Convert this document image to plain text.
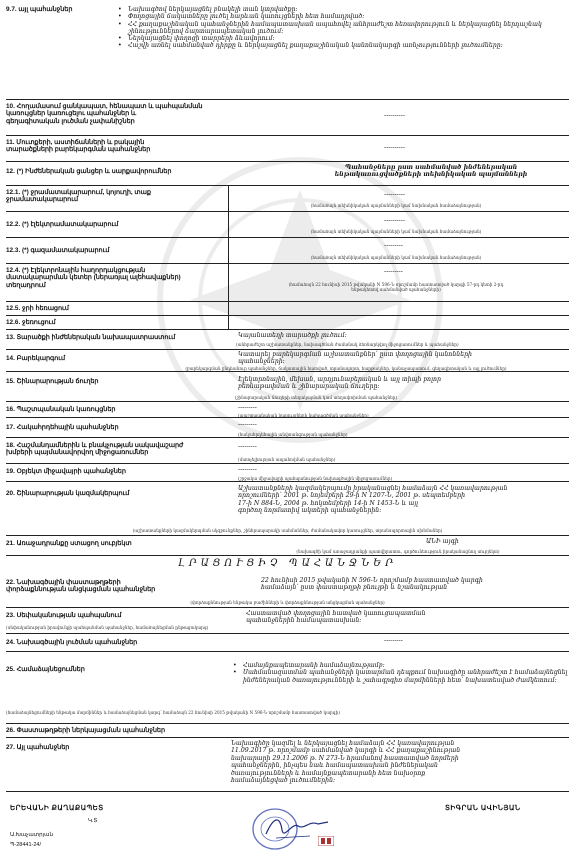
9.7. այլ պահանջներ
•	Նախագծով ներկայացնել բնակելի տան կտրվածքը:
• Փողոցային ճակատները լուծել հարևան կառույցների հետ համադրված:
• ՀՀ քաղաքաշինական պահանջներին համապատասխան ապահովել անհրաժեշտ հեռավորություն և ներկայացնել ներդաշնակ շինություններով ճարտարապետական լուծում:
• Ներկայացնել փողոցի տարրերի ձևավորում:
• Հաշվի առնել սահմանված դիրքը և ներկայացնել քաղաքաշինական կանոնակարգի առնչությունների լուծումները:
10. Հողամասում ցանկապատ, հենապատ և պահպանման
կառույցներ կառուցելու պահանջներ և
գեղագիտական լուծման չափանիշներ
----------
11. Մուտքերի, աստիճանների և բակային
տարածքների բարեկարգման պահանջներ	----------
12. (*) Ինժեներական ցանցեր և սարքավորումներ
Պահանջները ըստ սահմանված ինժեներական
ենթակառուցվածքների տեխնիկական պայմանների
12.1. (*) ջրամատակարարում, կոյուղի, տաք
ջրամատակարարում
----------
(համաձայն տեխնիկական պայմանների կամ նախնական համաձայնության)
12.2. (*) էլեկտրամատակարարում
----------
(համաձայն տեխնիկական պայմանների կամ նախնական համաձայնության)
12.3. (*) գազամատակարարում
---------
(համաձայն տեխնիկական պայմանների կամ նախնական համաձայնության)
12.4. (*) Էլեկտրոնային հաղորդակցության
մատակարարման կետեր (ներառյալ ալեհավաքներ)
տեղադրում
---------
(համաձայն 22 հունիսի 2015 թվականի N 596-Ն որոշմամբ հաստատված կարգի 57-րդ կետի 2-րդ
ենթակետով սահմանված պահանջների)
12.5. ջրի հեռացում
12.6. ջեռուցում
13. Տարածքի ինժեներական նախապատրաստում	Կայանատեղի տարածքի լուծում:
(անհրաժեշտ աշխատանքներ, նախագծման ժամանակ ձեռնարկվող միջոցառումներ և պահանջներ)
14. Բարեկարգում
Կատարել բարեկարգման աշխատանքներ՝ ըստ փողոցային կանոնների
պահանջների:
(բարեկարգման ընդհանուր պահանջներ, ճակատային հատված, տրանսպորտ, հարթակներ, կանաչապատում, գեղագիտական և այլ լուծումներ)
15. Շինարարության ճուղեր	Էլեկտրոնային, մեխան, արդյունաբերական և այլ տիպի բոլոր
բեռնաթափման և շինարարական ճուղերը:
(շինարարական ճուղերի տեղակայման կամ տեղափոխման պահանջներ)
16. Պաշտպանական կառույցներ	---------
(պաշտպանական կառույցների նախագծման պահանջներ)
17. Հակահրդեհային պահանջներ	---------
(հակահրդեհային անվտանգության պահանջներ)
18. Հաշմանդամներին և բնակչության սակավաշարժ
խմբերի պայմանավորվող միջոցառումներ
---------
(մատչելիության ապահովման պահանջներ)
19. Օբյեկտ միջավայրի պահանջներ	---------
(շրջակա միջավայրի պահպանության նախագծային միջոցառումներ)
20. Շինարարության կազմակերպում
Աշխատանքների կազմակերպումը իրականացնել համաձայն ՀՀ կառավարության
որոշումների՝ 2001 թ. նոյեմբերի 29-ի N 1207-Ն, 2001 թ. սեպտեմբերի
17-ի N 884-Ն, 2004 թ. հոկտեմբերի 14-ի N 1453-Ն և այլ
գործող նորմատիվ ակտերի պահանջներին:
(աշխատանքների կազմակերպման սկզբունքներ, շինհրապարակի սահմաններ, ժամանակավոր կառույցներ, տրանսպորտային սխեմաներ)
21. Առաջադրանքը ստացող սուբյեկտ	ԱՆԻ այգի
(նախագծի կամ առաջադրանքի պատվիրատու, գործունեություն իրականացնող սուբյեկտ)
ԼՐԱՑՈՒՑԻՉ ՊԱՀԱՆՋՆԵՐ
22. Նախագծային փաստաթղթերի
փորձաքննության անցկացման պահանջներ
22 հունիսի 2015 թվականի N 596-Ն որոշմամբ հաստատված կարգի
համաձայն՝ ըստ փաստաթղթի բնույթի և նշանակության
(փորձաքննության ենթակա բաժինների և փորձաքննության անցկացման պահանջներ)
23. Սեփականության պահպանում	Հաստատված փողոցային հատված կառուցապատման
պահանջներին համապատասխան:
(սեփականության իրավունքի պահպանման պահանջներ, համաձայնեցման ընթացակարգ)
24. Նախագծային լուծման պահանջներ	---------
25. Համաձայնեցումներ
• Համայնքապետարանի համաձայնությամբ:
• Սահմանազատման պահանջների կատարման դեպքում նախագիծը անհրաժեշտ է համաձայնեցնել ինժեներական ծառայությունների և շահագրգիռ մարմինների հետ՝ նախատեսված ժամկետում:
(համաձայնեցումների ենթակա մարմիններ և համաձայնեցման կարգ՝ համաձայն 22 հունիսի 2015 թվականի N 596-Ն որոշմամբ հաստատված կարգի)
26. Փաստաթղթերի ներկայացման պահանջներ
27. Այլ պահանջներ
Նախագիծը կազմել և ներկայացնել համաձայն ՀՀ կառավարության
11.09.2017 թ. որոշմամբ սահմանված կարգի և ՀՀ քաղաքաշինության
նախարարի 29.11.2006 թ. N 273-Ն հրամանով հաստատված նորմերի
պահանջներին, ինչպես նաև համապատասխան ինժեներական
ծառայությունների և համայնքապետարանի հետ նախօրոք
համաձայնեցված լուծումներին:
ԵՐԵՎԱՆԻ ՔԱՂԱՔԱՊԵՏ	ՏԻԳՐԱՆ ԱՎԻՆՅԱՆ
Կ.Տ
Ա.Խաչատրյան
Պ-28441-24/
